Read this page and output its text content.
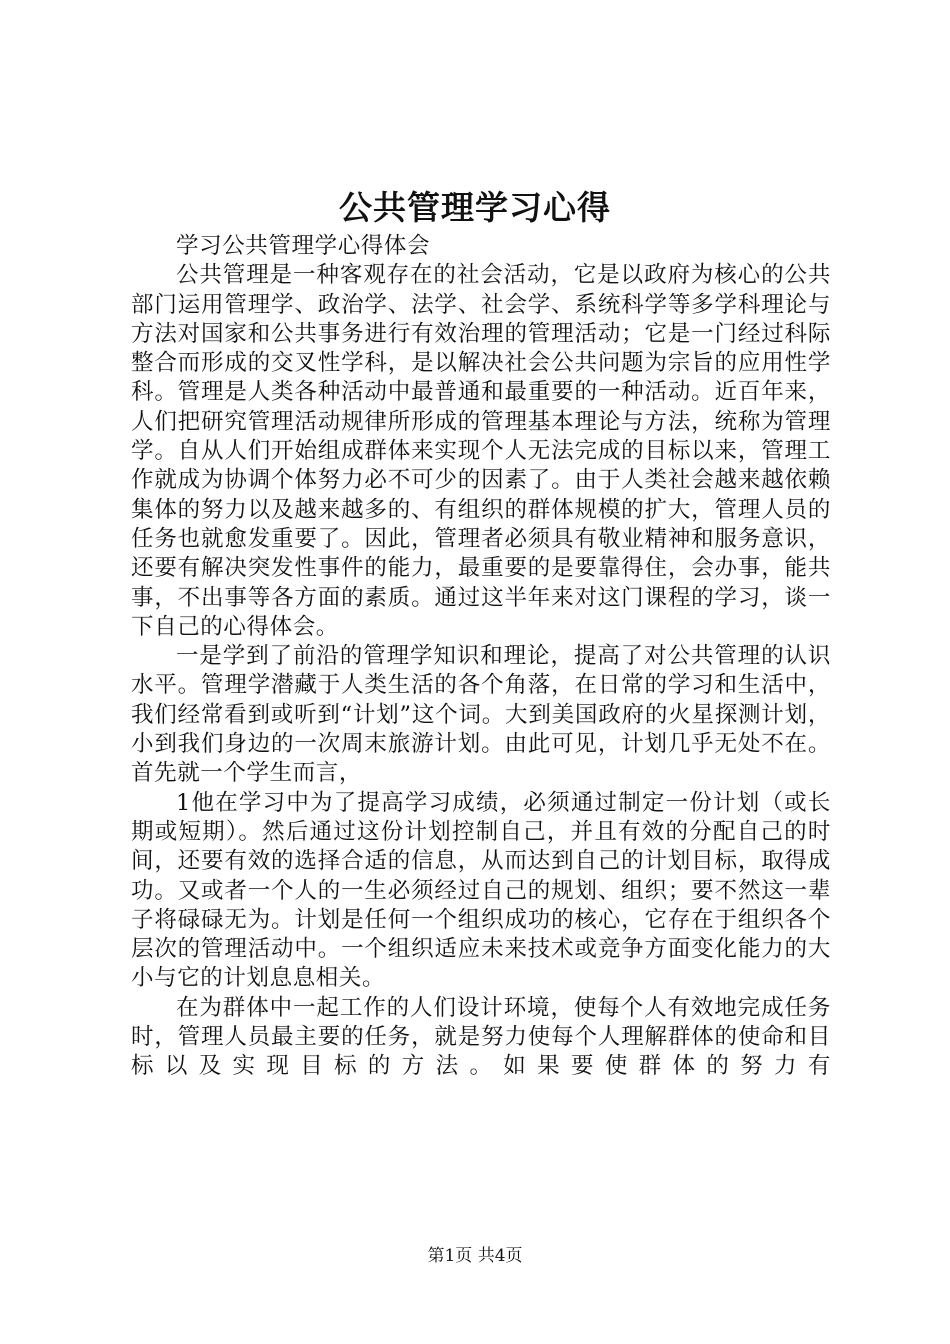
公共管理学习心得

学习公共管理学心得体会

公共管理是一种客观存在的社会活动，它是以政府为核心的公共部门运用管理学、政治学、法学、社会学、系统科学等多学科理论与方法对国家和公共事务进行有效治理的管理活动；它是一门经过科际整合而形成的交叉性学科，是以解决社会公共问题为宗旨的应用性学科。管理是人类各种活动中最普通和最重要的一种活动。近百年来，人们把研究管理活动规律所形成的管理基本理论与方法，统称为管理学。自从人们开始组成群体来实现个人无法完成的目标以来，管理工作就成为协调个体努力必不可少的因素了。由于人类社会越来越依赖集体的努力以及越来越多的、有组织的群体规模的扩大，管理人员的任务也就愈发重要了。因此，管理者必须具有敬业精神和服务意识，还要有解决突发性事件的能力，最重要的是要靠得住，会办事，能共事，不出事等各方面的素质。通过这半年来对这门课程的学习，谈一下自己的心得体会。

一是学到了前沿的管理学知识和理论，提高了对公共管理的认识水平。管理学潜藏于人类生活的各个角落，在日常的学习和生活中，我们经常看到或听到“计划”这个词。大到美国政府的火星探测计划，小到我们身边的一次周末旅游计划。由此可见，计划几乎无处不在。首先就一个学生而言，

1他在学习中为了提高学习成绩，必须通过制定一份计划（或长期或短期）。然后通过这份计划控制自己，并且有效的分配自己的时间，还要有效的选择合适的信息，从而达到自己的计划目标，取得成功。又或者一个人的一生必须经过自己的规划、组织；要不然这一辈子将碌碌无为。计划是任何一个组织成功的核心，它存在于组织各个层次的管理活动中。一个组织适应未来技术或竞争方面变化能力的大小与它的计划息息相关。

在为群体中一起工作的人们设计环境，使每个人有效地完成任务时，管理人员最主要的任务，就是努力使每个人理解群体的使命和目标以及实现目标的方法。如果要使群体的努力有

第1页 共4页
